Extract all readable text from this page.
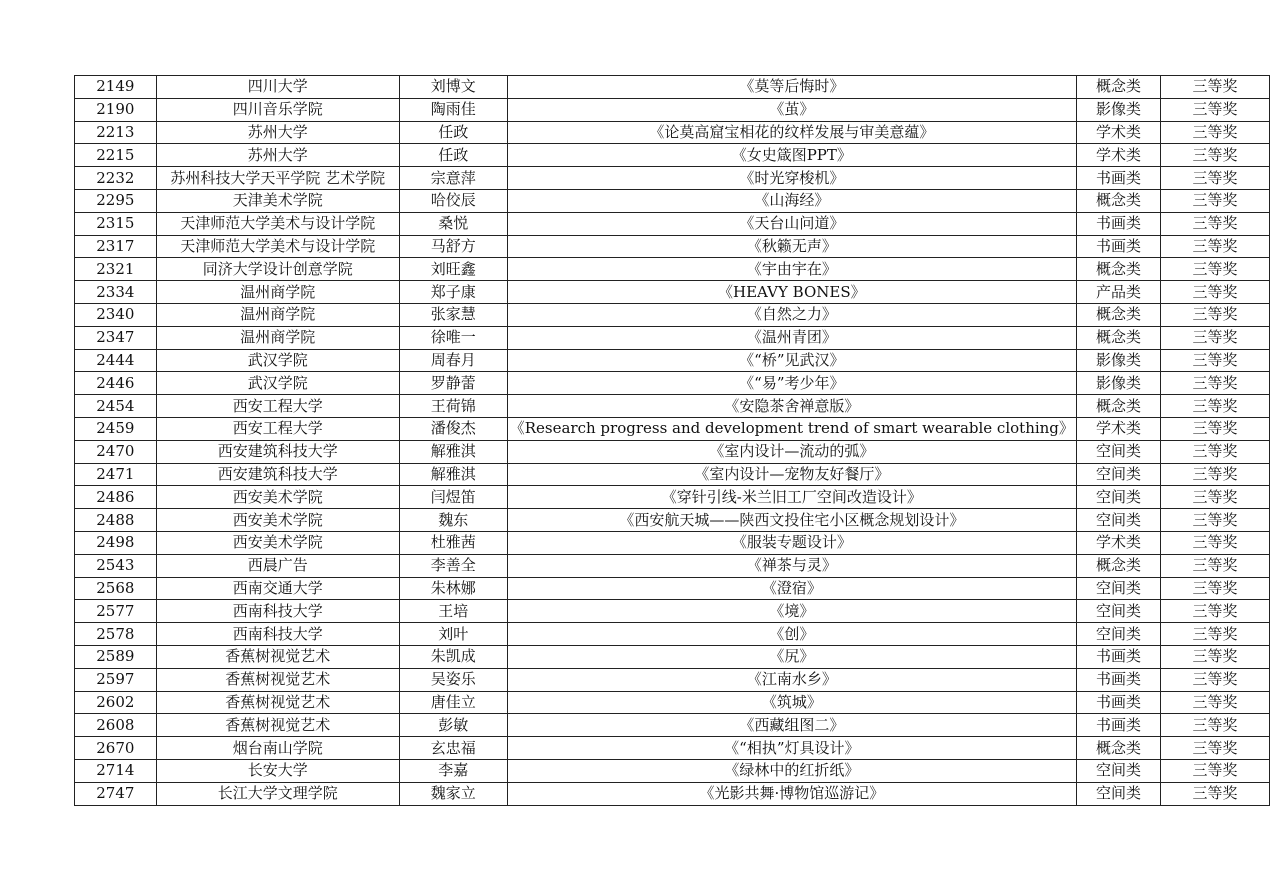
2149	四川大学	刘博文	《莫等后悔时》	概念类	三等奖
2190	四川音乐学院	陶雨佳	《茧》	影像类	三等奖
2213	苏州大学	任政	《论莫高窟宝相花的纹样发展与审美意蕴》	学术类	三等奖
2215	苏州大学	任政	《女史箴图PPT》	学术类	三等奖
2232	苏州科技大学天平学院 艺术学院	宗意萍	《时光穿梭机》	书画类	三等奖
2295	天津美术学院	哈佼辰	《山海经》	概念类	三等奖
2315	天津师范大学美术与设计学院	桑悦	《天台山问道》	书画类	三等奖
2317	天津师范大学美术与设计学院	马舒方	《秋籁无声》	书画类	三等奖
2321	同济大学设计创意学院	刘旺鑫	《宇由宇在》	概念类	三等奖
2334	温州商学院	郑子康	《HEAVY BONES》	产品类	三等奖
2340	温州商学院	张家慧	《自然之力》	概念类	三等奖
2347	温州商学院	徐唯一	《温州青团》	概念类	三等奖
2444	武汉学院	周春月	《“桥”见武汉》	影像类	三等奖
2446	武汉学院	罗静蕾	《“易”考少年》	影像类	三等奖
2454	西安工程大学	王荷锦	《安隐茶舍禅意版》	概念类	三等奖
2459	西安工程大学	潘俊杰	《Research progress and development trend of smart wearable clothing》	学术类	三等奖
2470	西安建筑科技大学	解雅淇	《室内设计—流动的弧》	空间类	三等奖
2471	西安建筑科技大学	解雅淇	《室内设计—宠物友好餐厅》	空间类	三等奖
2486	西安美术学院	闫煜笛	《穿针引线-米兰旧工厂空间改造设计》	空间类	三等奖
2488	西安美术学院	魏东	《西安航天城——陕西文投住宅小区概念规划设计》	空间类	三等奖
2498	西安美术学院	杜雅茜	《服装专题设计》	学术类	三等奖
2543	西晨广告	李善全	《禅茶与灵》	概念类	三等奖
2568	西南交通大学	朱林娜	《澄宿》	空间类	三等奖
2577	西南科技大学	王培	《境》	空间类	三等奖
2578	西南科技大学	刘叶	《创》	空间类	三等奖
2589	香蕉树视觉艺术	朱凯成	《尻》	书画类	三等奖
2597	香蕉树视觉艺术	吴姿乐	《江南水乡》	书画类	三等奖
2602	香蕉树视觉艺术	唐佳立	《筑城》	书画类	三等奖
2608	香蕉树视觉艺术	彭敏	《西藏组图二》	书画类	三等奖
2670	烟台南山学院	玄忠福	《“相执”灯具设计》	概念类	三等奖
2714	长安大学	李嘉	《绿林中的红折纸》	空间类	三等奖
2747	长江大学文理学院	魏家立	《光影共舞·博物馆巡游记》	空间类	三等奖
